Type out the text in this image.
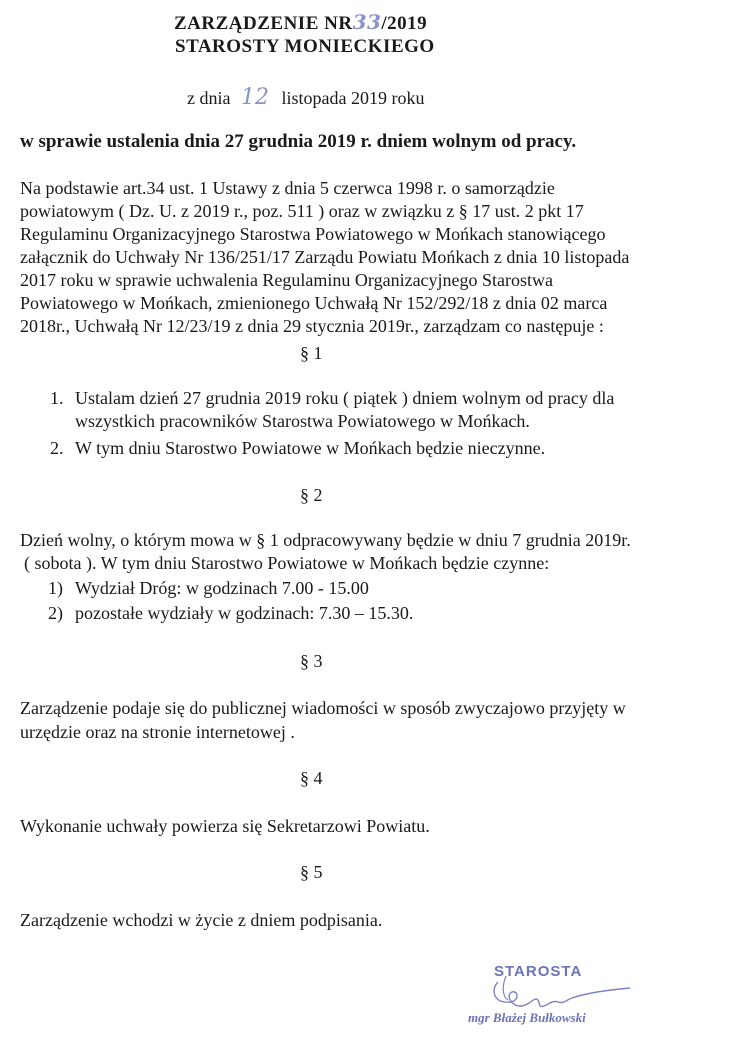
ZARZĄDZENIE NR33/2019
STAROSTY MONIECKIEGO
z dnia 12 listopada 2019 roku
w sprawie ustalenia dnia 27 grudnia 2019 r. dniem wolnym od pracy.
Na podstawie art.34 ust. 1 Ustawy z dnia 5 czerwca 1998 r. o samorządzie
powiatowym ( Dz. U. z 2019 r., poz. 511 ) oraz w związku z § 17 ust. 2 pkt 17
Regulaminu Organizacyjnego Starostwa Powiatowego w Mońkach stanowiącego
załącznik do Uchwały Nr 136/251/17 Zarządu Powiatu Mońkach z dnia 10 listopada
2017 roku w sprawie uchwalenia Regulaminu Organizacyjnego Starostwa
Powiatowego w Mońkach, zmienionego Uchwałą Nr 152/292/18 z dnia 02 marca
2018r., Uchwałą Nr 12/23/19 z dnia 29 stycznia 2019r., zarządzam co następuje :
§ 1
1. Ustalam dzień 27 grudnia 2019 roku ( piątek ) dniem wolnym od pracy dla
wszystkich pracowników Starostwa Powiatowego w Mońkach.
2. W tym dniu Starostwo Powiatowe w Mońkach będzie nieczynne.
§ 2
Dzień wolny, o którym mowa w § 1 odpracowywany będzie w dniu 7 grudnia 2019r.
( sobota ). W tym dniu Starostwo Powiatowe w Mońkach będzie czynne:
1) Wydział Dróg: w godzinach 7.00 - 15.00
2) pozostałe wydziały w godzinach: 7.30 – 15.30.
§ 3
Zarządzenie podaje się do publicznej wiadomości w sposób zwyczajowo przyjęty w
urzędzie oraz na stronie internetowej .
§ 4
Wykonanie uchwały powierza się Sekretarzowi Powiatu.
§ 5
Zarządzenie wchodzi w życie z dniem podpisania.
STAROSTA
mgr Błażej Bułkowski
